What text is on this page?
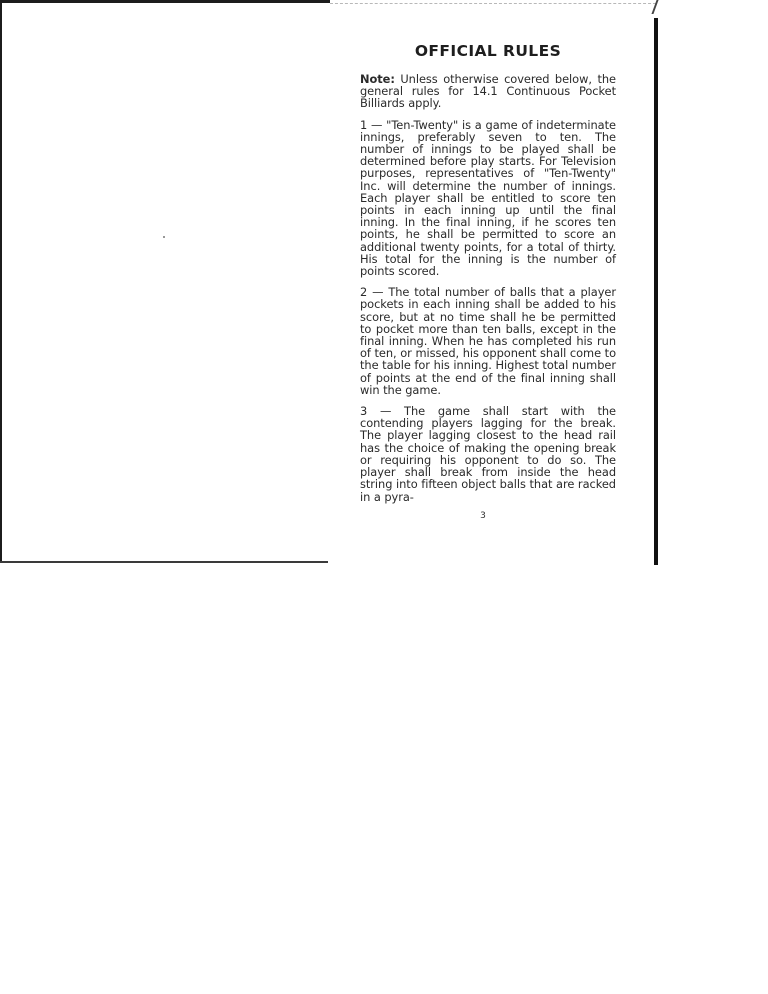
OFFICIAL RULES

Note: Unless otherwise covered below, the general rules for 14.1 Continuous Pocket Billiards apply.

1 — "Ten-Twenty" is a game of indeterminate innings, preferably seven to ten. The number of innings to be played shall be determined before play starts. For Television purposes, representatives of "Ten-Twenty" Inc. will determine the number of innings. Each player shall be entitled to score ten points in each inning up until the final inning. In the final inning, if he scores ten points, he shall be permitted to score an additional twenty points, for a total of thirty. His total for the inning is the number of points scored.

2 — The total number of balls that a player pockets in each inning shall be added to his score, but at no time shall he be permitted to pocket more than ten balls, except in the final inning. When he has completed his run of ten, or missed, his opponent shall come to the table for his inning. Highest total number of points at the end of the final inning shall win the game.

3 — The game shall start with the contending players lagging for the break. The player lagging closest to the head rail has the choice of making the opening break or requiring his opponent to do so. The player shall break from inside the head string into fifteen object balls that are racked in a pyra-

3
